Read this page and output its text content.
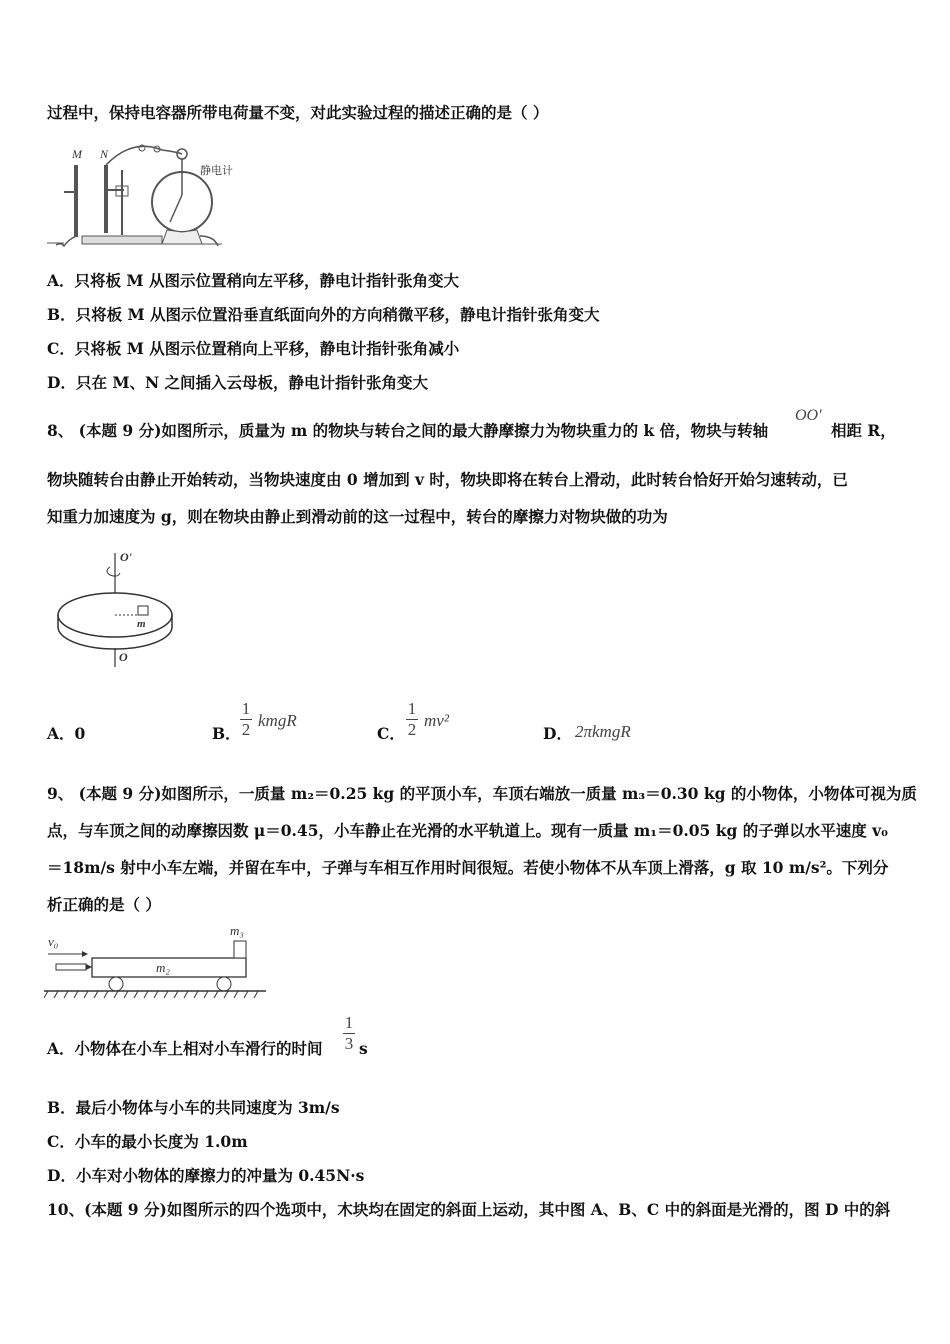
过程中，保持电容器所带电荷量不变，对此实验过程的描述正确的是（ ）
M N
静电计
A．只将板 M 从图示位置稍向左平移，静电计指针张角变大
B．只将板 M 从图示位置沿垂直纸面向外的方向稍微平移，静电计指针张角变大
C．只将板 M 从图示位置稍向上平移，静电计指针张角减小
D．只在 M、N 之间插入云母板，静电计指针张角变大
8、 (本题 9 分)如图所示，质量为 m 的物块与转台之间的最大静摩擦力为物块重力的 k 倍，物块与转轴
OO'
相距 R，
物块随转台由静止开始转动，当物块速度由 0 增加到 v 时，物块即将在转台上滑动，此时转台恰好开始匀速转动，已
知重力加速度为 g，则在物块由静止到滑动前的这一过程中，转台的摩擦力对物块做的功为
O'
m
O
A．0	B．
1
2 kmgR
C．
1
2 mv²
D． 2πkmgR
9、 (本题 9 分)如图所示，一质量 m₂＝0.25 kg 的平顶小车，车顶右端放一质量 m₃＝0.30 kg 的小物体，小物体可视为质
点，与车顶之间的动摩擦因数 μ＝0.45，小车静止在光滑的水平轨道上。现有一质量 m₁＝0.05 kg 的子弹以水平速度 v₀
＝18m/s 射中小车左端，并留在车中，子弹与车相互作用时间很短。若使小物体不从车顶上滑落，g 取 10 m/s²。下列分
析正确的是（ ）
v₀
m₂
m₃
A．小物体在小车上相对小车滑行的时间
1
3 s
B．最后小物体与小车的共同速度为 3m/s
C．小车的最小长度为 1.0m
D．小车对小物体的摩擦力的冲量为 0.45N·s
10、(本题 9 分)如图所示的四个选项中，木块均在固定的斜面上运动，其中图 A、B、C 中的斜面是光滑的，图 D 中的斜
